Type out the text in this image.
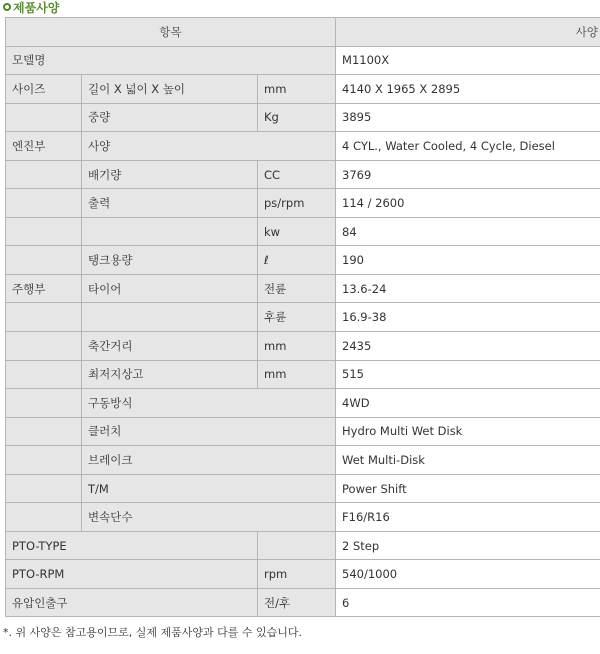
제품사양
항목			사양
모델명			M1100X
사이즈	길이 X 넓이 X 높이	mm	4140 X 1965 X 2895
	중량	Kg	3895
엔진부	사양		4 CYL., Water Cooled, 4 Cycle, Diesel
	배기량	CC	3769
	출력	ps/rpm	114 / 2600
		kw	84
	탱크용량	ℓ	190
주행부	타이어	전륜	13.6-24
		후륜	16.9-38
	축간거리	mm	2435
	최저지상고	mm	515
	구동방식		4WD
	클러치		Hydro Multi Wet Disk
	브레이크		Wet Multi-Disk
	T/M		Power Shift
	변속단수		F16/R16
PTO-TYPE			2 Step
PTO-RPM		rpm	540/1000
유압인출구		전/후	6
*. 위 사양은 참고용이므로, 실제 제품사양과 다를 수 있습니다.
